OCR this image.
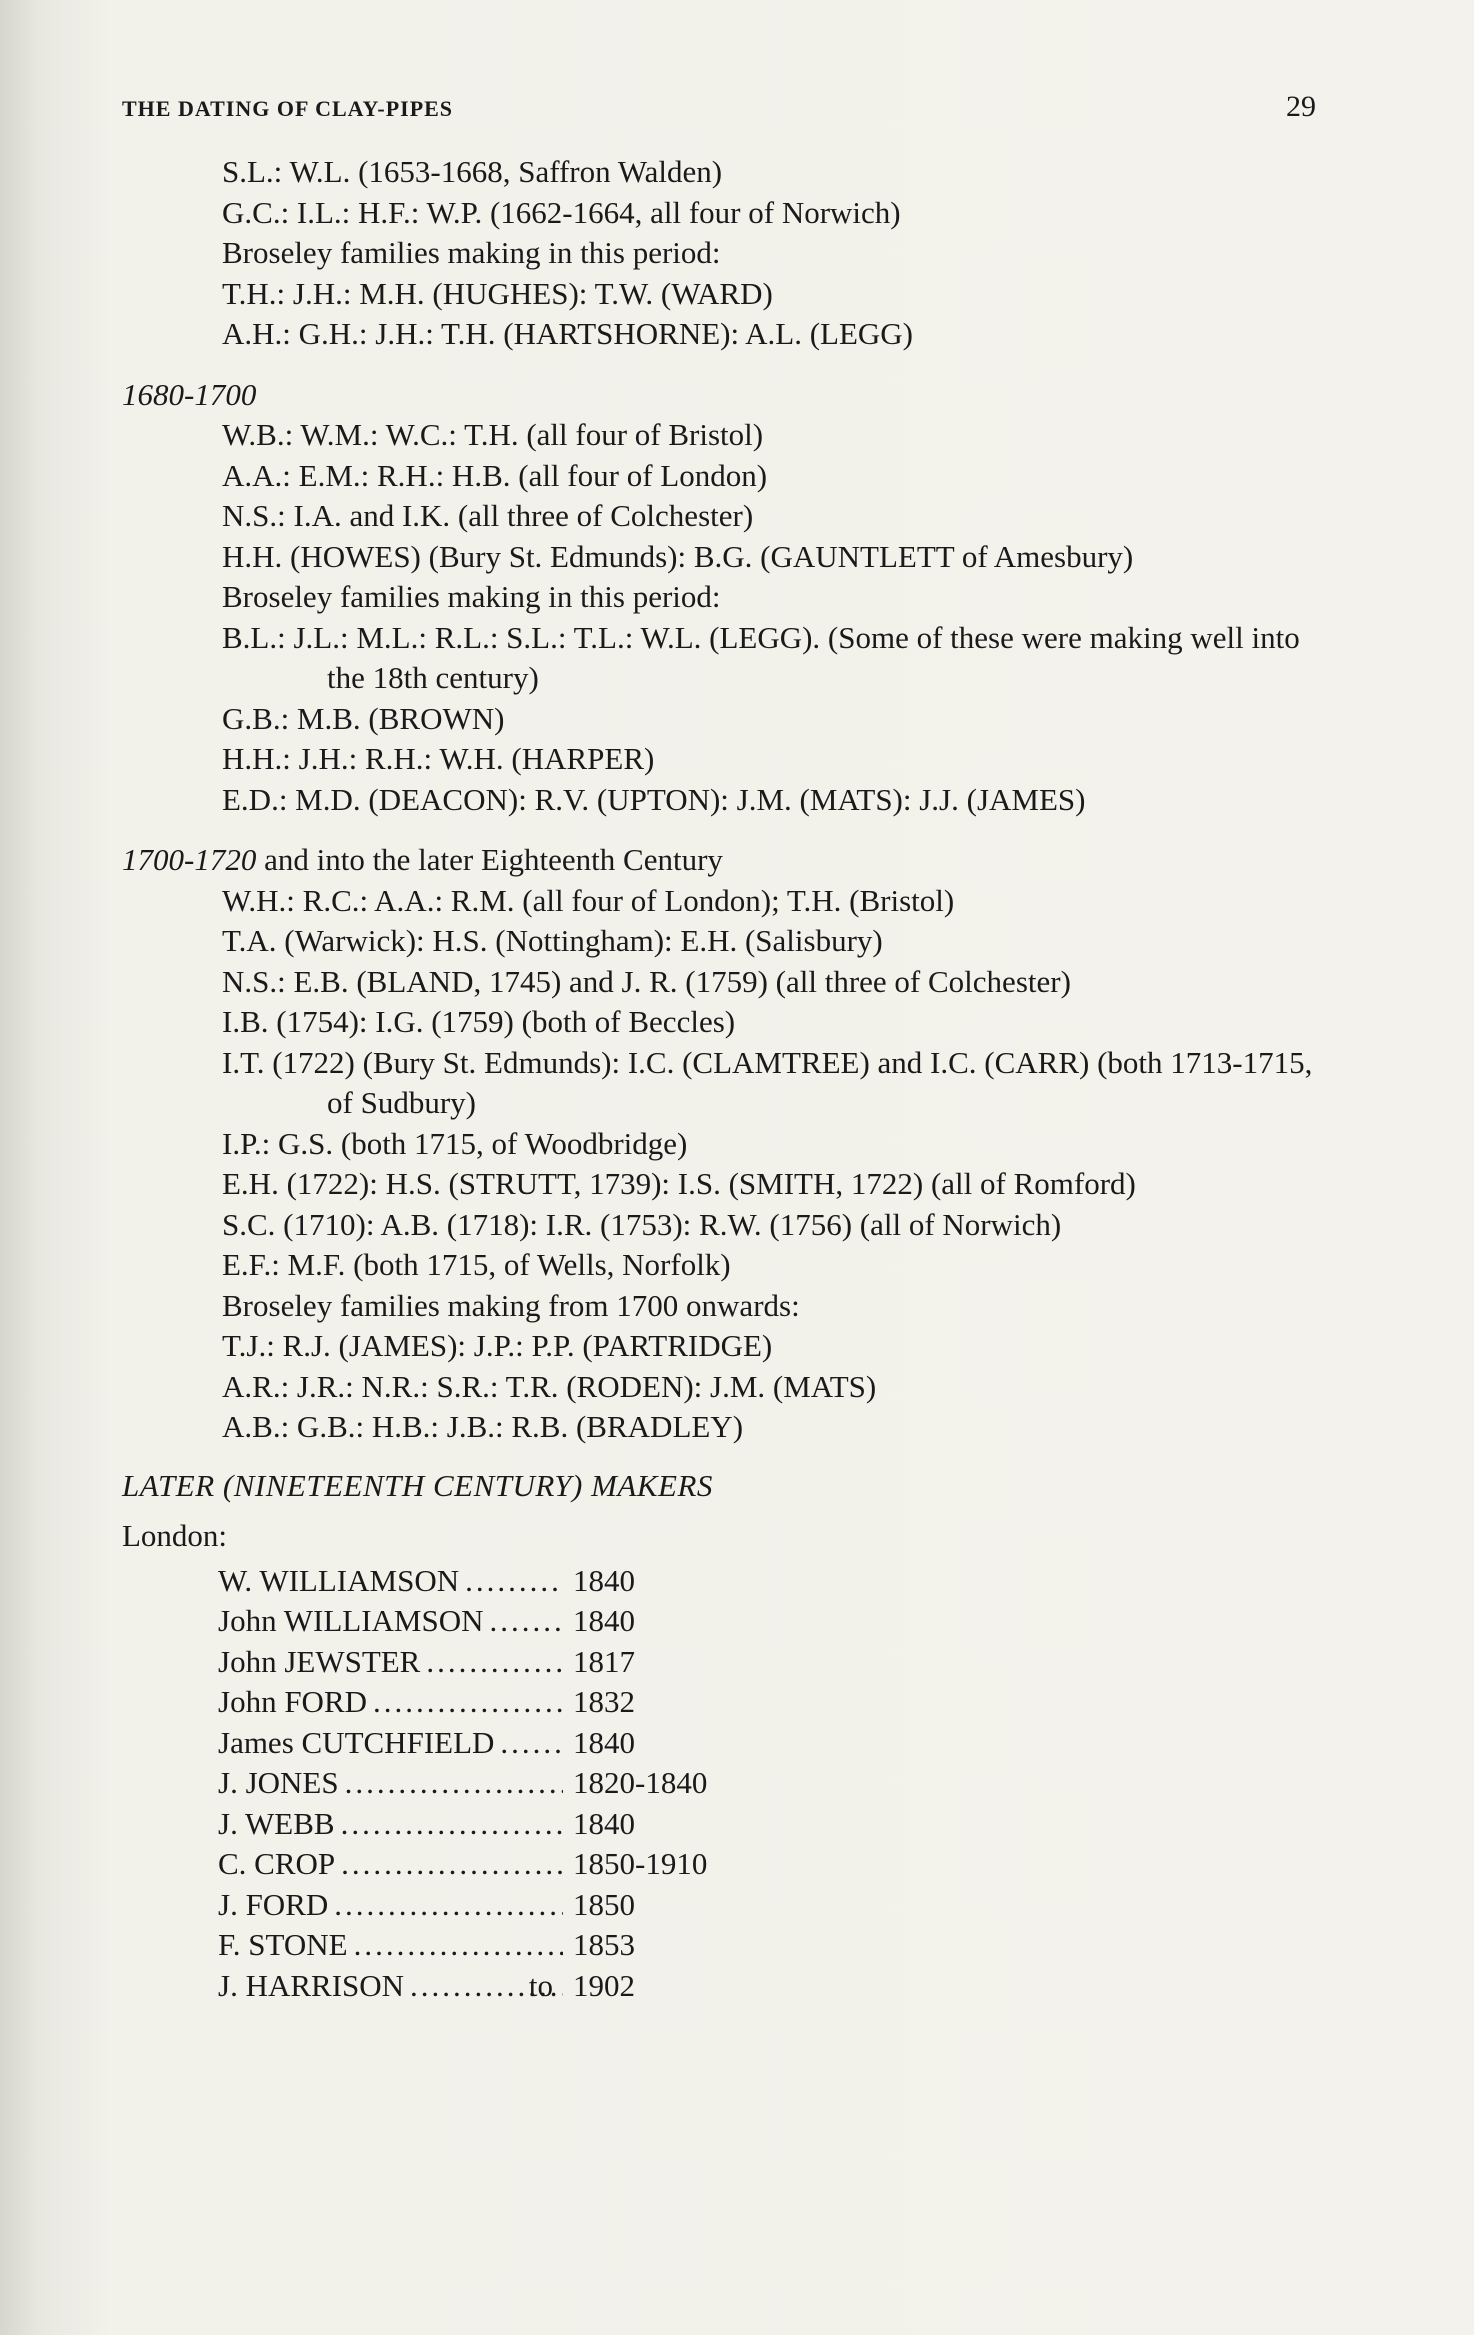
THE DATING OF CLAY-PIPES	29
S.L.: W.L. (1653-1668, Saffron Walden)
G.C.: I.L.: H.F.: W.P. (1662-1664, all four of Norwich)
Broseley families making in this period:
T.H.: J.H.: M.H. (HUGHES): T.W. (WARD)
A.H.: G.H.: J.H.: T.H. (HARTSHORNE): A.L. (LEGG)
1680-1700
W.B.: W.M.: W.C.: T.H. (all four of Bristol)
A.A.: E.M.: R.H.: H.B. (all four of London)
N.S.: I.A. and I.K. (all three of Colchester)
H.H. (HOWES) (Bury St. Edmunds): B.G. (GAUNTLETT of Amesbury)
Broseley families making in this period:
B.L.: J.L.: M.L.: R.L.: S.L.: T.L.: W.L. (LEGG). (Some of these were making well into the 18th century)
G.B.: M.B. (BROWN)
H.H.: J.H.: R.H.: W.H. (HARPER)
E.D.: M.D. (DEACON): R.V. (UPTON): J.M. (MATS): J.J. (JAMES)
1700-1720 and into the later Eighteenth Century
W.H.: R.C.: A.A.: R.M. (all four of London); T.H. (Bristol)
T.A. (Warwick): H.S. (Nottingham): E.H. (Salisbury)
N.S.: E.B. (BLAND, 1745) and J. R. (1759) (all three of Colchester)
I.B. (1754): I.G. (1759) (both of Beccles)
I.T. (1722) (Bury St. Edmunds): I.C. (CLAMTREE) and I.C. (CARR) (both 1713-1715, of Sudbury)
I.P.: G.S. (both 1715, of Woodbridge)
E.H. (1722): H.S. (STRUTT, 1739): I.S. (SMITH, 1722) (all of Romford)
S.C. (1710): A.B. (1718): I.R. (1753): R.W. (1756) (all of Norwich)
E.F.: M.F. (both 1715, of Wells, Norfolk)
Broseley families making from 1700 onwards:
T.J.: R.J. (JAMES): J.P.: P.P. (PARTRIDGE)
A.R.: J.R.: N.R.: S.R.: T.R. (RODEN): J.M. (MATS)
A.B.: G.B.: H.B.: J.B.: R.B. (BRADLEY)
LATER (NINETEENTH CENTURY) MAKERS
London:
W. WILLIAMSON .....	1840
John WILLIAMSON .....	1840
John JEWSTER .....	1817
John FORD .....	1832
James CUTCHFIELD .....	1840
J. JONES .....	1820-1840
J. WEBB .....	1840
C. CROP .....	1850-1910
J. FORD .....	1850
F. STONE .....	1853
J. HARRISON .....	to 1902
